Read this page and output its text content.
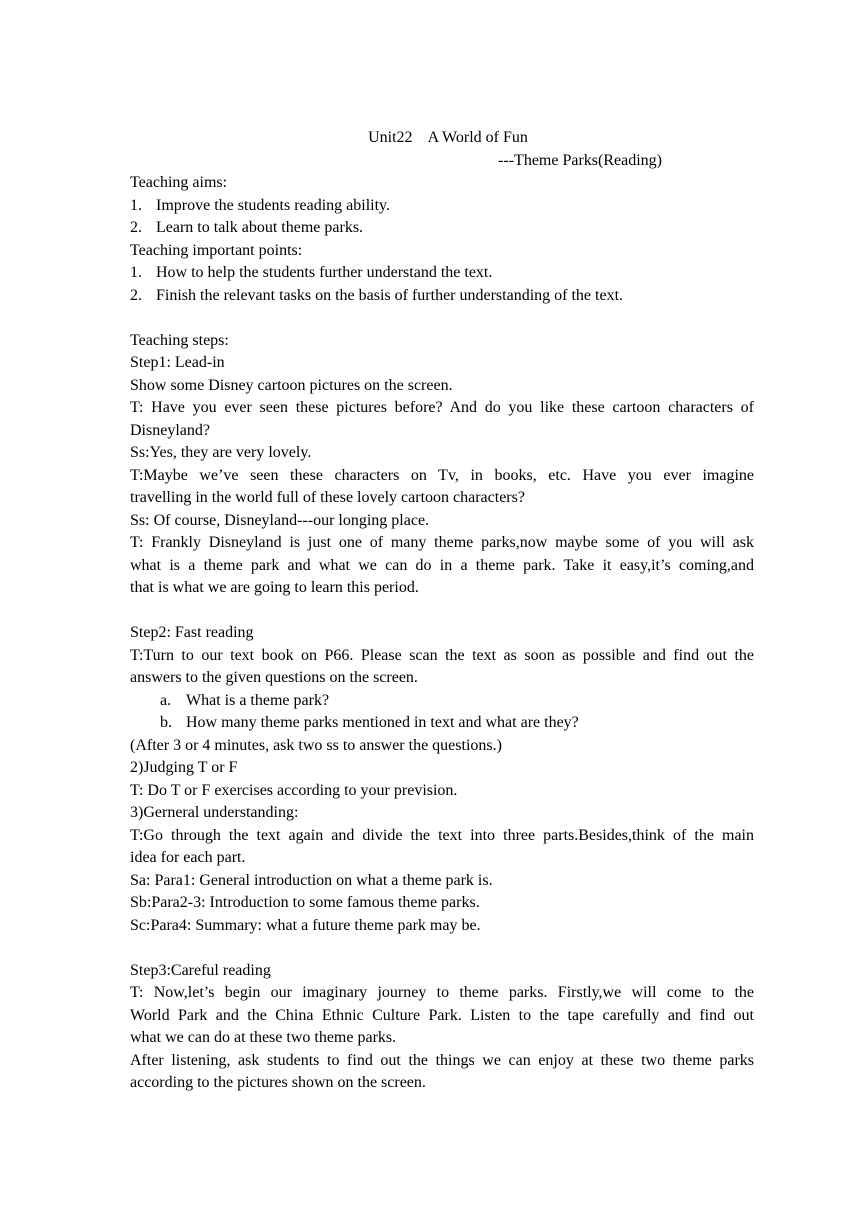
Unit22    A World of Fun

---Theme Parks(Reading)

Teaching aims:

1. Improve the students reading ability.
2. Learn to talk about theme parks.

Teaching important points:

1. How to help the students further understand the text.
2. Finish the relevant tasks on the basis of further understanding of the text.

Teaching steps:

Step1: Lead-in

Show some Disney cartoon pictures on the screen.

T: Have you ever seen these pictures before? And do you like these cartoon characters of

Disneyland?

Ss:Yes, they are very lovely.

T:Maybe we’ve seen these characters on Tv, in books, etc. Have you ever imagine

travelling in the world full of these lovely cartoon characters?

Ss: Of course, Disneyland---our longing place.

T: Frankly Disneyland is just one of many theme parks,now maybe some of you will ask

what is a theme park and what we can do in a theme park. Take it easy,it’s coming,and

that is what we are going to learn this period.

Step2: Fast reading

T:Turn to our text book on P66. Please scan the text as soon as possible and find out the

answers to the given questions on the screen.

a. What is a theme park?
b. How many theme parks mentioned in text and what are they?

(After 3 or 4 minutes, ask two ss to answer the questions.)

2)Judging T or F

T: Do T or F exercises according to your prevision.

3)Gerneral understanding:

T:Go through the text again and divide the text into three parts.Besides,think of the main

idea for each part.

Sa: Para1: General introduction on what a theme park is.

Sb:Para2-3: Introduction to some famous theme parks.

Sc:Para4: Summary: what a future theme park may be.

Step3:Careful reading

T: Now,let’s begin our imaginary journey to theme parks. Firstly,we will come to the

World Park and the China Ethnic Culture Park. Listen to the tape carefully and find out

what we can do at these two theme parks.

After listening, ask students to find out the things we can enjoy at these two theme parks

according to the pictures shown on the screen.
